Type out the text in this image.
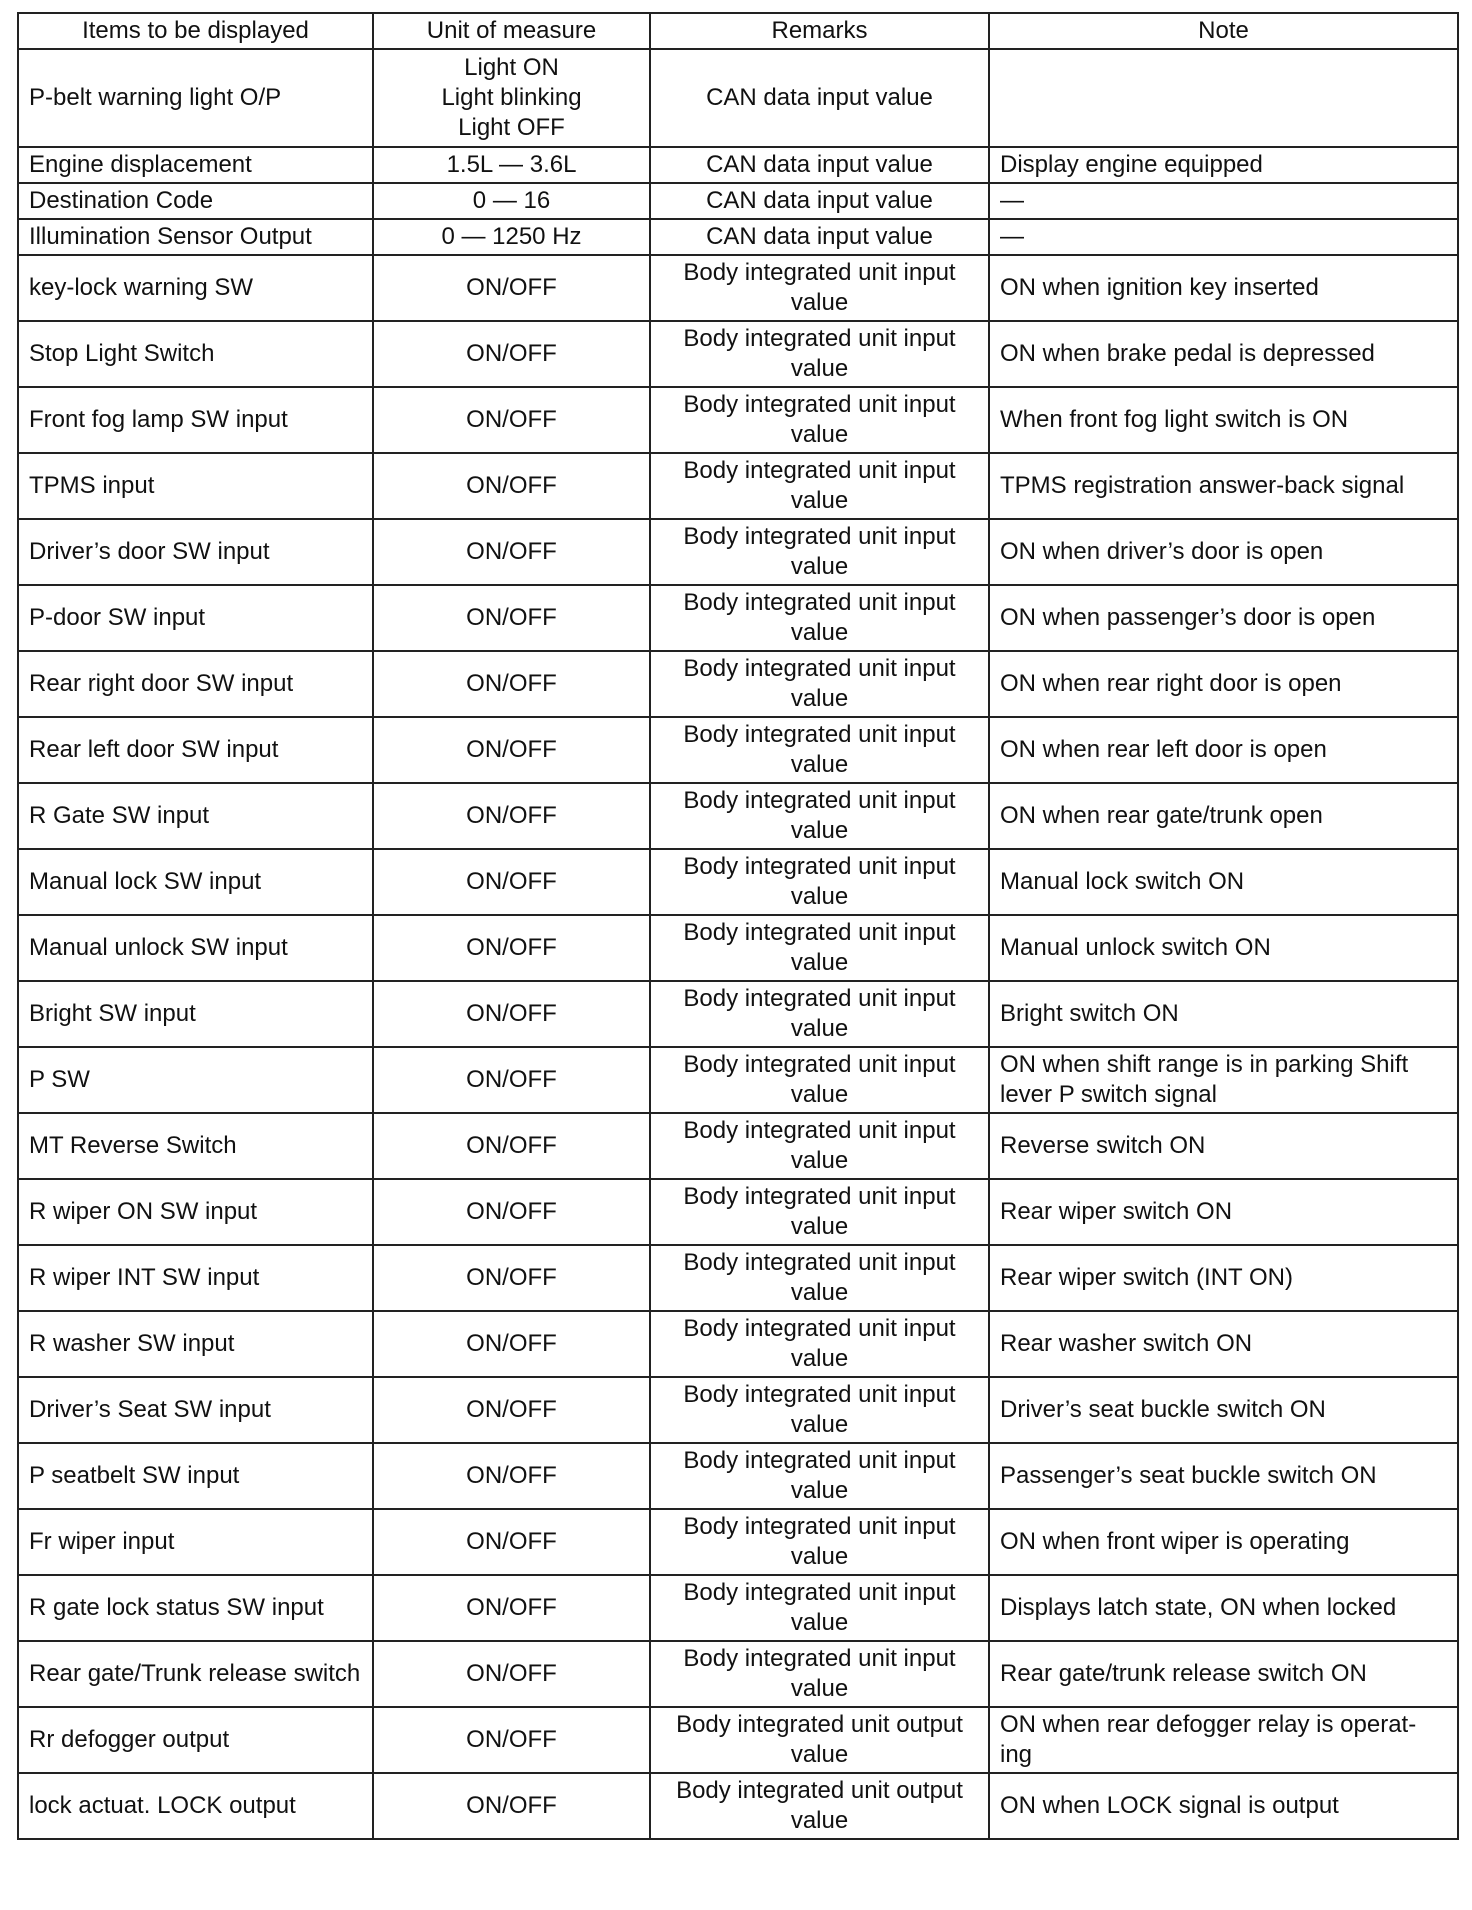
Items to be displayed	Unit of measure	Remarks	Note
P-belt warning light O/P	Light ON
Light blinking
Light OFF	CAN data input value	
Engine displacement	1.5L — 3.6L	CAN data input value	Display engine equipped
Destination Code	0 — 16	CAN data input value	—
Illumination Sensor Output	0 — 1250 Hz	CAN data input value	—
key-lock warning SW	ON/OFF	Body integrated unit input value	ON when ignition key inserted
Stop Light Switch	ON/OFF	Body integrated unit input value	ON when brake pedal is depressed
Front fog lamp SW input	ON/OFF	Body integrated unit input value	When front fog light switch is ON
TPMS input	ON/OFF	Body integrated unit input value	TPMS registration answer-back signal
Driver’s door SW input	ON/OFF	Body integrated unit input value	ON when driver’s door is open
P-door SW input	ON/OFF	Body integrated unit input value	ON when passenger’s door is open
Rear right door SW input	ON/OFF	Body integrated unit input value	ON when rear right door is open
Rear left door SW input	ON/OFF	Body integrated unit input value	ON when rear left door is open
R Gate SW input	ON/OFF	Body integrated unit input value	ON when rear gate/trunk open
Manual lock SW input	ON/OFF	Body integrated unit input value	Manual lock switch ON
Manual unlock SW input	ON/OFF	Body integrated unit input value	Manual unlock switch ON
Bright SW input	ON/OFF	Body integrated unit input value	Bright switch ON
P SW	ON/OFF	Body integrated unit input value	ON when shift range is in parking Shift lever P switch signal
MT Reverse Switch	ON/OFF	Body integrated unit input value	Reverse switch ON
R wiper ON SW input	ON/OFF	Body integrated unit input value	Rear wiper switch ON
R wiper INT SW input	ON/OFF	Body integrated unit input value	Rear wiper switch (INT ON)
R washer SW input	ON/OFF	Body integrated unit input value	Rear washer switch ON
Driver’s Seat SW input	ON/OFF	Body integrated unit input value	Driver’s seat buckle switch ON
P seatbelt SW input	ON/OFF	Body integrated unit input value	Passenger’s seat buckle switch ON
Fr wiper input	ON/OFF	Body integrated unit input value	ON when front wiper is operating
R gate lock status SW input	ON/OFF	Body integrated unit input value	Displays latch state, ON when locked
Rear gate/Trunk release switch	ON/OFF	Body integrated unit input value	Rear gate/trunk release switch ON
Rr defogger output	ON/OFF	Body integrated unit output value	ON when rear defogger relay is operat-ing
lock actuat. LOCK output	ON/OFF	Body integrated unit output value	ON when LOCK signal is output
